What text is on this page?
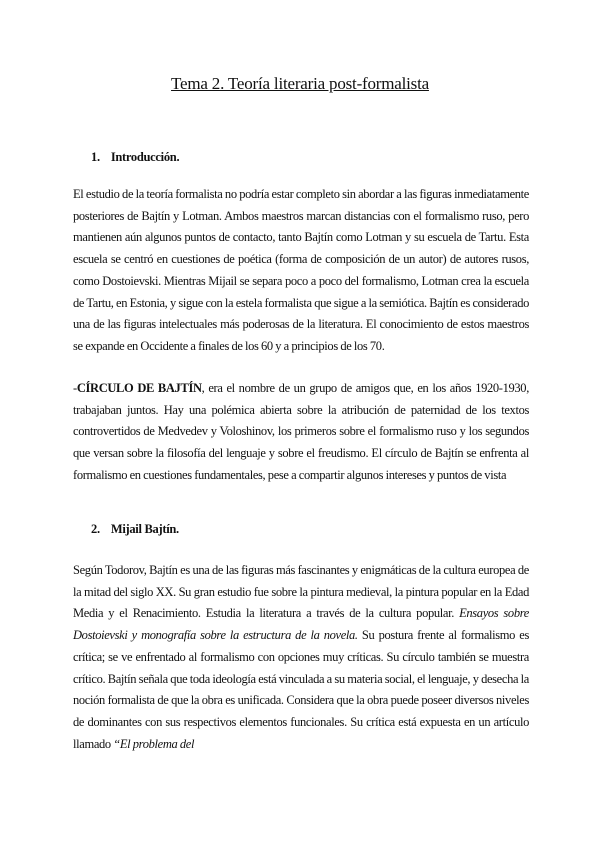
Tema 2. Teoría literaria post-formalista
1. Introducción.
El estudio de la teoría formalista no podría estar completo sin abordar a las figuras inmediatamente posteriores de Bajtín y Lotman. Ambos maestros marcan distancias con el formalismo ruso, pero mantienen aún algunos puntos de contacto, tanto Bajtín como Lotman y su escuela de Tartu. Esta escuela se centró en cuestiones de poética (forma de composición de un autor) de autores rusos, como Dostoievski. Mientras Mijail se separa poco a poco del formalismo, Lotman crea la escuela de Tartu, en Estonia, y sigue con la estela formalista que sigue a la semiótica. Bajtín es considerado una de las figuras intelectuales más poderosas de la literatura. El conocimiento de estos maestros se expande en Occidente a finales de los 60 y a principios de los 70.
-CÍRCULO DE BAJTÍN, era el nombre de un grupo de amigos que, en los años 1920-1930, trabajaban juntos. Hay una polémica abierta sobre la atribución de paternidad de los textos controvertidos de Medvedev y Voloshinov, los primeros sobre el formalismo ruso y los segundos que versan sobre la filosofía del lenguaje y sobre el freudismo. El círculo de Bajtín se enfrenta al formalismo en cuestiones fundamentales, pese a compartir algunos intereses y puntos de vista
2. Mijail Bajtín.
Según Todorov, Bajtín es una de las figuras más fascinantes y enigmáticas de la cultura europea de la mitad del siglo XX. Su gran estudio fue sobre la pintura medieval, la pintura popular en la Edad Media y el Renacimiento. Estudia la literatura a través de la cultura popular. Ensayos sobre Dostoievski y monografía sobre la estructura de la novela. Su postura frente al formalismo es crítica; se ve enfrentado al formalismo con opciones muy críticas. Su círculo también se muestra crítico. Bajtín señala que toda ideología está vinculada a su materia social, el lenguaje, y desecha la noción formalista de que la obra es unificada. Considera que la obra puede poseer diversos niveles de dominantes con sus respectivos elementos funcionales. Su crítica está expuesta en un artículo llamado “El problema del
